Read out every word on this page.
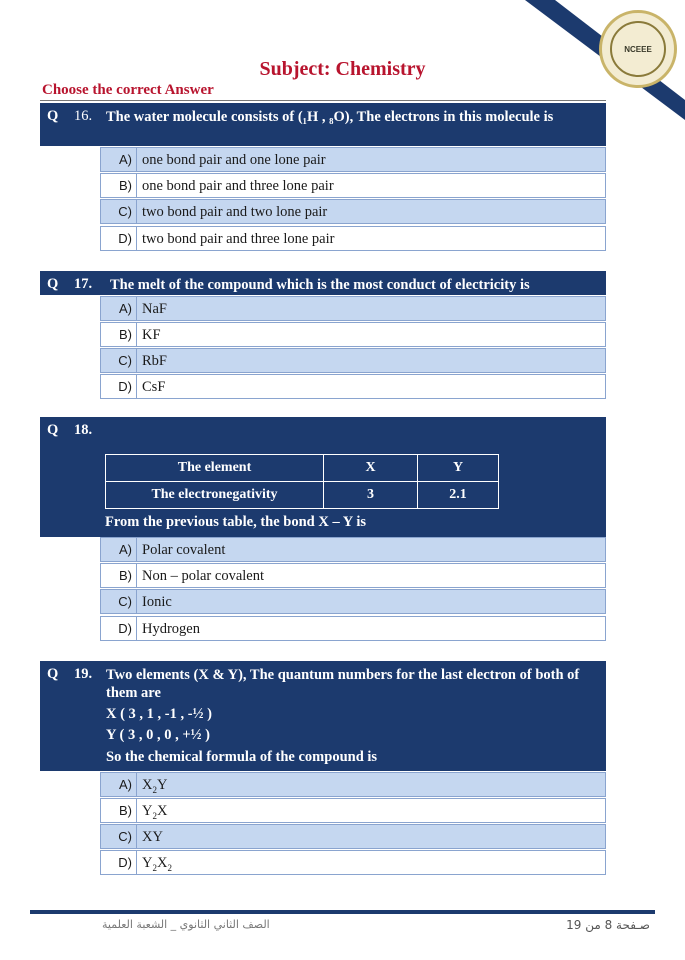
NCEEE
Subject: Chemistry
Choose the correct Answer
Q 16. The water molecule consists of (₁H , ₈O), The electrons in this molecule is
A) one bond pair and one lone pair
B) one bond pair and three lone pair
C) two bond pair and two lone pair
D) two bond pair and three lone pair
Q 17. The melt of the compound which is the most conduct of electricity is
A) NaF
B) KF
C) RbF
D) CsF
Q 18.
From the previous table, the bond X – Y is
The element	X	Y
The electronegativity	3	2.1
A) Polar covalent
B) Non – polar covalent
C) Ionic
D) Hydrogen
Q 19. Two elements (X & Y), The quantum numbers for the last electron of both of them are
X ( 3 , 1 , -1 , -½ )
Y ( 3 , 0 , 0 , +½ )
So the chemical formula of the compound is
A) $X_2Y$
B) $Y_2X$
C) XY
D) $Y_2X_2$
الصف الثاني الثانوي _ الشعبة العلمية	صـفحة 8 من 19
